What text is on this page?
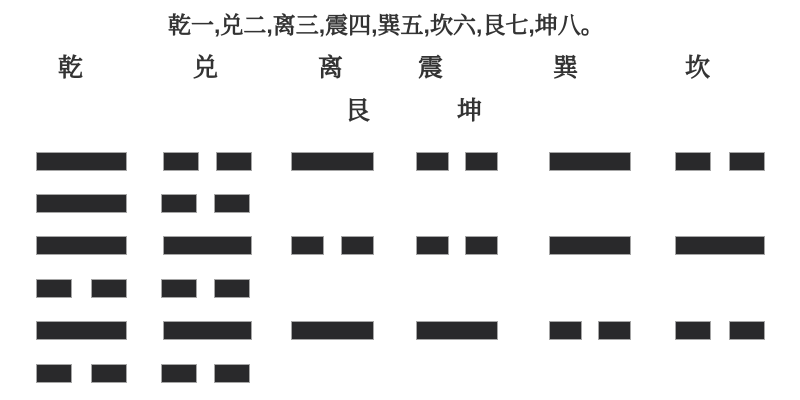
乾一,兑二,离三,震四,巽五,坎六,艮七,坤八。
乾	兑	离	震	巽	坎
艮	坤
